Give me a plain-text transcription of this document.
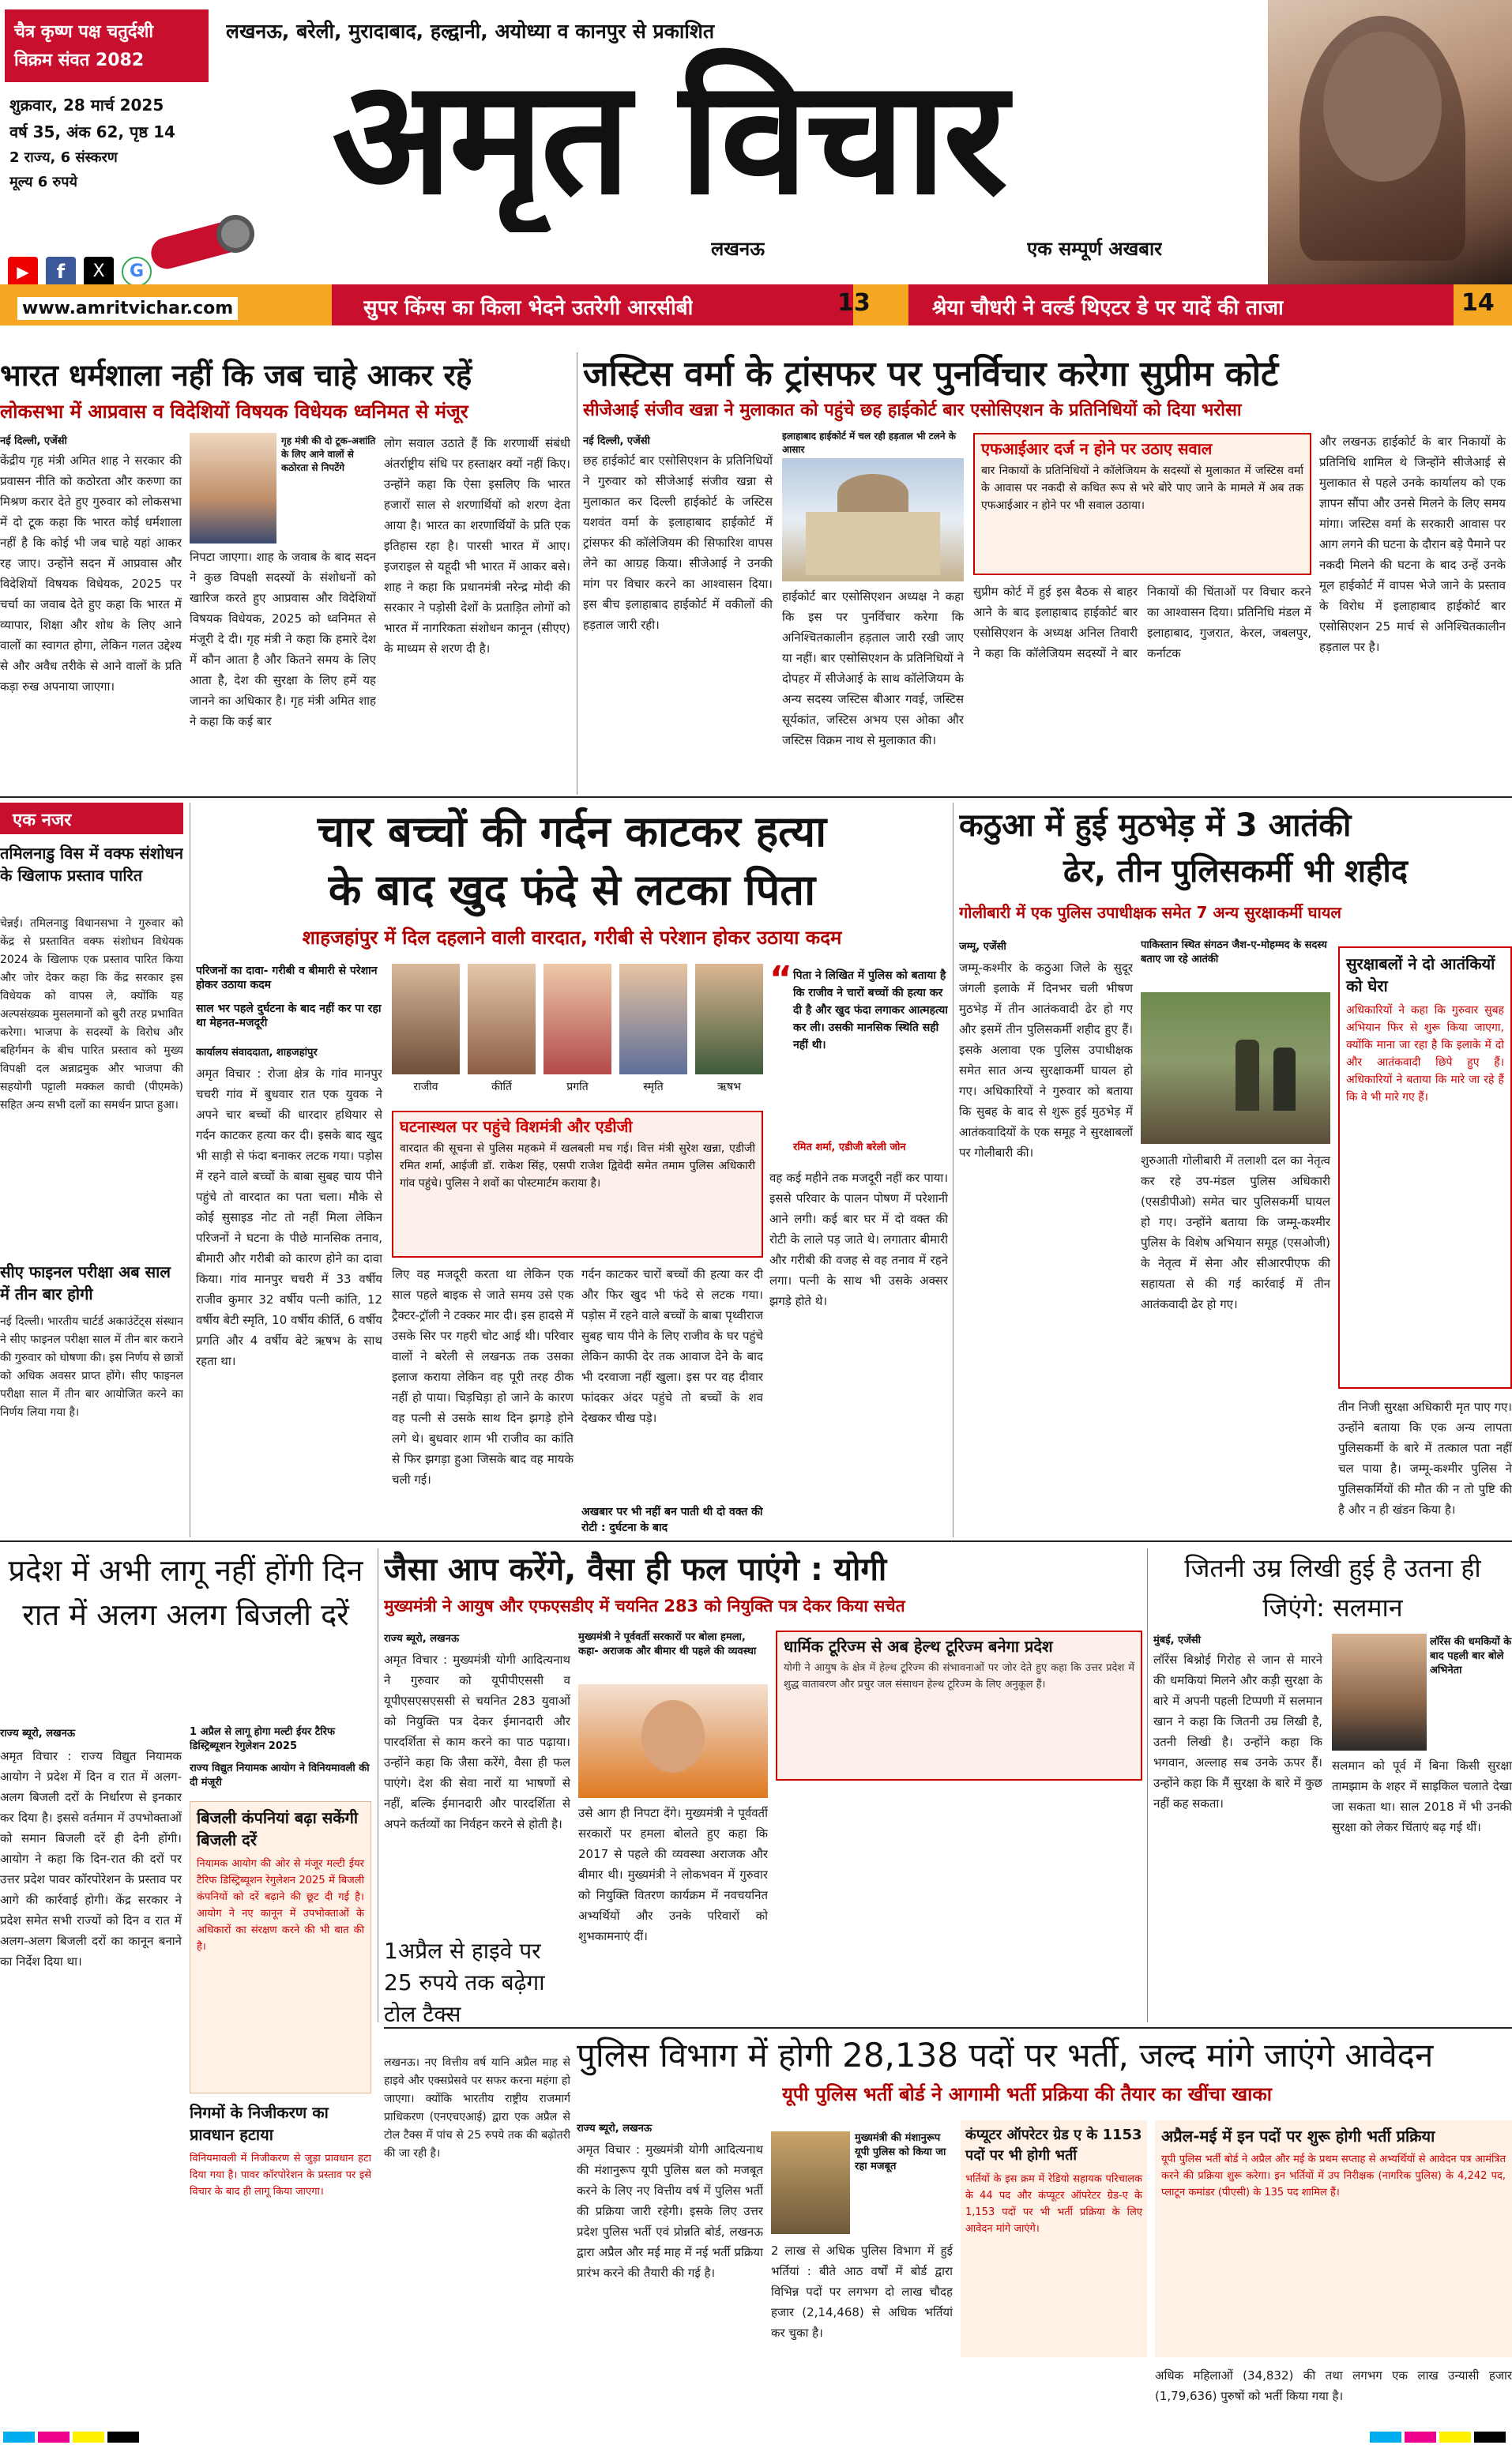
चैत्र कृष्ण पक्ष चतुर्दशी
विक्रम संवत 2082
लखनऊ, बरेली, मुरादाबाद, हल्द्वानी, अयोध्या व कानपुर से प्रकाशित
शुक्रवार, 28 मार्च 2025
वर्ष 35, अंक 62, पृष्ठ 14
2 राज्य, 6 संस्करण
मूल्य 6 रुपये
▶	f	X	G
अमृत विचार
लखनऊ	एक सम्पूर्ण अखबार
www.amritvichar.com	सुपर किंग्स का किला भेदने उतरेगी आरसीबी	13	श्रेया चौधरी ने वर्ल्ड थिएटर डे पर यादें की ताजा	14
भारत धर्मशाला नहीं कि जब चाहे आकर रहें
लोकसभा में आप्रवास व विदेशियों विषयक विधेयक ध्वनिमत से मंजूर
नई दिल्ली, एजेंसी
केंद्रीय गृह मंत्री अमित शाह ने सरकार की प्रवासन नीति को कठोरता और करुणा का मिश्रण करार देते हुए गुरुवार को लोकसभा में दो टूक कहा कि भारत कोई धर्मशाला नहीं है कि कोई भी जब चाहे यहां आकर रह जाए। उन्होंने सदन में आप्रवास और विदेशियों विषयक विधेयक, 2025 पर चर्चा का जवाब देते हुए कहा कि भारत में व्यापार, शिक्षा और शोध के लिए आने वालों का स्वागत होगा, लेकिन गलत उद्देश्य से और अवैध तरीके से आने वालों के प्रति कड़ा रुख अपनाया जाएगा।
गृह मंत्री की दो टूक-अशांति के लिए आने वालों से कठोरता से निपटेंगे
निपटा जाएगा। शाह के जवाब के बाद सदन ने कुछ विपक्षी सदस्यों के संशोधनों को खारिज करते हुए आप्रवास और विदेशियों विषयक विधेयक, 2025 को ध्वनिमत से मंजूरी दे दी। गृह मंत्री ने कहा कि हमारे देश में कौन आता है और कितने समय के लिए आता है, देश की सुरक्षा के लिए हमें यह जानने का अधिकार है। गृह मंत्री अमित शाह ने कहा कि कई बार
लोग सवाल उठाते हैं कि शरणार्थी संबंधी अंतर्राष्ट्रीय संधि पर हस्ताक्षर क्यों नहीं किए। उन्होंने कहा कि ऐसा इसलिए कि भारत हजारों साल से शरणार्थियों को शरण देता आया है। भारत का शरणार्थियों के प्रति एक इतिहास रहा है। पारसी भारत में आए। इजराइल से यहूदी भी भारत में आकर बसे। शाह ने कहा कि प्रधानमंत्री नरेन्द्र मोदी की सरकार ने पड़ोसी देशों के प्रताड़ित लोगों को भारत में नागरिकता संशोधन कानून (सीएए) के माध्यम से शरण दी है।
जस्टिस वर्मा के ट्रांसफर पर पुनर्विचार करेगा सुप्रीम कोर्ट
सीजेआई संजीव खन्ना ने मुलाकात को पहुंचे छह हाईकोर्ट बार एसोसिएशन के प्रतिनिधियों को दिया भरोसा
नई दिल्ली, एजेंसी
छह हाईकोर्ट बार एसोसिएशन के प्रतिनिधियों ने गुरुवार को सीजेआई संजीव खन्ना से मुलाकात कर दिल्ली हाईकोर्ट के जस्टिस यशवंत वर्मा के इलाहाबाद हाईकोर्ट में ट्रांसफर की कॉलेजियम की सिफारिश वापस लेने का आग्रह किया। सीजेआई ने उनकी मांग पर विचार करने का आश्वासन दिया। इस बीच इलाहाबाद हाईकोर्ट में वकीलों की हड़ताल जारी रही।
इलाहाबाद हाईकोर्ट में चल रही हड़ताल भी टलने के आसार
हाईकोर्ट बार एसोसिएशन अध्यक्ष ने कहा कि इस पर पुनर्विचार करेगा कि अनिश्चितकालीन हड़ताल जारी रखी जाए या नहीं। बार एसोसिएशन के प्रतिनिधियों ने दोपहर में सीजेआई के साथ कॉलेजियम के अन्य सदस्य जस्टिस बीआर गवई, जस्टिस सूर्यकांत, जस्टिस अभय एस ओका और जस्टिस विक्रम नाथ से मुलाकात की।
एफआईआर दर्ज न होने पर उठाए सवाल
बार निकायों के प्रतिनिधियों ने कॉलेजियम के सदस्यों से मुलाकात में जस्टिस वर्मा के आवास पर नकदी से कथित रूप से भरे बोरे पाए जाने के मामले में अब तक एफआईआर न होने पर भी सवाल उठाया।
सुप्रीम कोर्ट में हुई इस बैठक से बाहर आने के बाद इलाहाबाद हाईकोर्ट बार एसोसिएशन के अध्यक्ष अनिल तिवारी ने कहा कि कॉलेजियम सदस्यों ने बार निकायों की चिंताओं पर विचार करने का आश्वासन दिया। प्रतिनिधि मंडल में इलाहाबाद, गुजरात, केरल, जबलपुर, कर्नाटक
और लखनऊ हाईकोर्ट के बार निकायों के प्रतिनिधि शामिल थे जिन्होंने सीजेआई से मुलाकात से पहले उनके कार्यालय को एक ज्ञापन सौंपा और उनसे मिलने के लिए समय मांगा। जस्टिस वर्मा के सरकारी आवास पर आग लगने की घटना के दौरान बड़े पैमाने पर नकदी मिलने की घटना के बाद उन्हें उनके मूल हाईकोर्ट में वापस भेजे जाने के प्रस्ताव के विरोध में इलाहाबाद हाईकोर्ट बार एसोसिएशन 25 मार्च से अनिश्चितकालीन हड़ताल पर है।
एक नजर
तमिलनाडु विस में वक्फ संशोधन के खिलाफ प्रस्ताव पारित
चेन्नई। तमिलनाडु विधानसभा ने गुरुवार को केंद्र से प्रस्तावित वक्फ संशोधन विधेयक 2024 के खिलाफ एक प्रस्ताव पारित किया और जोर देकर कहा कि केंद्र सरकार इस विधेयक को वापस ले, क्योंकि यह अल्पसंख्यक मुसलमानों को बुरी तरह प्रभावित करेगा। भाजपा के सदस्यों के विरोध और बहिर्गमन के बीच पारित प्रस्ताव को मुख्य विपक्षी दल अन्नाद्रमुक और भाजपा की सहयोगी पट्टाली मक्कल काची (पीएमके) सहित अन्य सभी दलों का समर्थन प्राप्त हुआ।
सीए फाइनल परीक्षा अब साल में तीन बार होगी
नई दिल्ली। भारतीय चार्टर्ड अकाउंटेंट्स संस्थान ने सीए फाइनल परीक्षा साल में तीन बार कराने की गुरुवार को घोषणा की। इस निर्णय से छात्रों को अधिक अवसर प्राप्त होंगे। सीए फाइनल परीक्षा साल में तीन बार आयोजित करने का निर्णय लिया गया है।
चार बच्चों की गर्दन काटकर हत्या
के बाद खुद फंदे से लटका पिता
शाहजहांपुर में दिल दहलाने वाली वारदात, गरीबी से परेशान होकर उठाया कदम
परिजनों का दावा- गरीबी व बीमारी से परेशान होकर उठाया कदम
साल भर पहले दुर्घटना के बाद नहीं कर पा रहा था मेहनत-मजदूरी
कार्यालय संवाददाता, शाहजहांपुर
राजीव	कीर्ति	प्रगति	स्मृति	ऋषभ
अमृत विचार : रोजा क्षेत्र के गांव मानपुर चचरी गांव में बुधवार रात एक युवक ने अपने चार बच्चों की धारदार हथियार से गर्दन काटकर हत्या कर दी। इसके बाद खुद भी साड़ी से फंदा बनाकर लटक गया। पड़ोस में रहने वाले बच्चों के बाबा सुबह चाय पीने पहुंचे तो वारदात का पता चला। मौके से कोई सुसाइड नोट तो नहीं मिला लेकिन परिजनों ने घटना के पीछे मानसिक तनाव, बीमारी और गरीबी को कारण होने का दावा किया। गांव मानपुर चचरी में 33 वर्षीय राजीव कुमार 32 वर्षीय पत्नी कांति, 12 वर्षीय बेटी स्मृति, 10 वर्षीय कीर्ति, 6 वर्षीय प्रगति और 4 वर्षीय बेटे ऋषभ के साथ रहता था।
घटनास्थल पर पहुंचे विशमंत्री और एडीजी
वारदात की सूचना से पुलिस महकमे में खलबली मच गई। वित्त मंत्री सुरेश खन्ना, एडीजी रमित शर्मा, आईजी डॉ. राकेश सिंह, एसपी राजेश द्विवेदी समेत तमाम पुलिस अधिकारी गांव पहुंचे। पुलिस ने शवों का पोस्टमार्टम कराया है।
“ पिता ने लिखित में पुलिस को बताया है कि राजीव ने चारों बच्चों की हत्या कर दी है और खुद फंदा लगाकर आत्महत्या कर ली। उसकी मानसिक स्थिति सही नहीं थी।
रमित शर्मा, एडीजी बरेली जोन
लिए वह मजदूरी करता था लेकिन एक साल पहले बाइक से जाते समय उसे एक ट्रैक्टर-ट्रॉली ने टक्कर मार दी। इस हादसे में उसके सिर पर गहरी चोट आई थी। परिवार वालों ने बरेली से लखनऊ तक उसका इलाज कराया लेकिन वह पूरी तरह ठीक नहीं हो पाया। चिड़चिड़ा हो जाने के कारण वह पत्नी से उसके साथ दिन झगड़े होने लगे थे। बुधवार शाम भी राजीव का कांति से फिर झगड़ा हुआ जिसके बाद वह मायके चली गई।
गर्दन काटकर चारों बच्चों की हत्या कर दी और फिर खुद भी फंदे से लटक गया। पड़ोस में रहने वाले बच्चों के बाबा पृथ्वीराज सुबह चाय पीने के लिए राजीव के घर पहुंचे लेकिन काफी देर तक आवाज देने के बाद भी दरवाजा नहीं खुला। इस पर वह दीवार फांदकर अंदर पहुंचे तो बच्चों के शव देखकर चीख पड़े।
वह कई महीने तक मजदूरी नहीं कर पाया। इससे परिवार के पालन पोषण में परेशानी आने लगी। कई बार घर में दो वक्त की रोटी के लाले पड़ जाते थे। लगातार बीमारी और गरीबी की वजह से वह तनाव में रहने लगा। पत्नी के साथ भी उसके अक्सर झगड़े होते थे।
अखबार पर भी नहीं बन पाती थी दो वक्त की रोटी : दुर्घटना के बाद
कठुआ में हुई मुठभेड़ में 3 आतंकी
ढेर, तीन पुलिसकर्मी भी शहीद
गोलीबारी में एक पुलिस उपाधीक्षक समेत 7 अन्य सुरक्षाकर्मी घायल
जम्मू, एजेंसी
जम्मू-कश्मीर के कठुआ जिले के सुदूर जंगली इलाके में दिनभर चली भीषण मुठभेड़ में तीन आतंकवादी ढेर हो गए और इसमें तीन पुलिसकर्मी शहीद हुए हैं। इसके अलावा एक पुलिस उपाधीक्षक समेत सात अन्य सुरक्षाकर्मी घायल हो गए। अधिकारियों ने गुरुवार को बताया कि सुबह के बाद से शुरू हुई मुठभेड़ में आतंकवादियों के एक समूह ने सुरक्षाबलों पर गोलीबारी की।
पाकिस्तान स्थित संगठन जैश-ए-मोहम्मद के सदस्य बताए जा रहे आतंकी
शुरुआती गोलीबारी में तलाशी दल का नेतृत्व कर रहे उप-मंडल पुलिस अधिकारी (एसडीपीओ) समेत चार पुलिसकर्मी घायल हो गए। उन्होंने बताया कि जम्मू-कश्मीर पुलिस के विशेष अभियान समूह (एसओजी) के नेतृत्व में सेना और सीआरपीएफ की सहायता से की गई कार्रवाई में तीन आतंकवादी ढेर हो गए।
सुरक्षाबलों ने दो आतंकियों को घेरा
अधिकारियों ने कहा कि गुरुवार सुबह अभियान फिर से शुरू किया जाएगा, क्योंकि माना जा रहा है कि इलाके में दो और आतंकवादी छिपे हुए हैं। अधिकारियों ने बताया कि मारे जा रहे हैं कि वे भी मारे गए हैं।
तीन निजी सुरक्षा अधिकारी मृत पाए गए। उन्होंने बताया कि एक अन्य लापता पुलिसकर्मी के बारे में तत्काल पता नहीं चल पाया है। जम्मू-कश्मीर पुलिस ने पुलिसकर्मियों की मौत की न तो पुष्टि की है और न ही खंडन किया है।
प्रदेश में अभी लागू नहीं होंगी दिन रात में अलग अलग बिजली दरें
राज्य ब्यूरो, लखनऊ
अमृत विचार : राज्य विद्युत नियामक आयोग ने प्रदेश में दिन व रात में अलग-अलग बिजली दरों के निर्धारण से इनकार कर दिया है। इससे वर्तमान में उपभोक्ताओं को समान बिजली दरें ही देनी होंगी। आयोग ने कहा कि दिन-रात की दरों पर उत्तर प्रदेश पावर कॉरपोरेशन के प्रस्ताव पर आगे की कार्रवाई होगी। केंद्र सरकार ने प्रदेश समेत सभी राज्यों को दिन व रात में अलग-अलग बिजली दरों का कानून बनाने का निर्देश दिया था।
1 अप्रैल से लागू होगा मल्टी ईयर टैरिफ डिस्ट्रिब्यूशन रेगुलेशन 2025
राज्य विद्युत नियामक आयोग ने विनियमावली की दी मंजूरी
बिजली कंपनियां बढ़ा सकेंगी बिजली दरें
नियामक आयोग की ओर से मंजूर मल्टी ईयर टैरिफ डिस्ट्रिब्यूशन रेगुलेशन 2025 में बिजली कंपनियों को दरें बढ़ाने की छूट दी गई है। आयोग ने नए कानून में उपभोक्ताओं के अधिकारों का संरक्षण करने की भी बात की है।
निगमों के निजीकरण का प्रावधान हटाया
विनियमावली में निजीकरण से जुड़ा प्रावधान हटा दिया गया है। पावर कॉरपोरेशन के प्रस्ताव पर इसे विचार के बाद ही लागू किया जाएगा।
जैसा आप करेंगे, वैसा ही फल पाएंगे : योगी
मुख्यमंत्री ने आयुष और एफएसडीए में चयनित 283 को नियुक्ति पत्र देकर किया सचेत
राज्य ब्यूरो, लखनऊ
अमृत विचार : मुख्यमंत्री योगी आदित्यनाथ ने गुरुवार को यूपीपीएससी व यूपीएसएसएससी से चयनित 283 युवाओं को नियुक्ति पत्र देकर ईमानदारी और पारदर्शिता से काम करने का पाठ पढ़ाया। उन्होंने कहा कि जैसा करेंगे, वैसा ही फल पाएंगे। देश की सेवा नारों या भाषणों से नहीं, बल्कि ईमानदारी और पारदर्शिता से अपने कर्तव्यों का निर्वहन करने से होती है।
मुख्यमंत्री ने पूर्ववर्ती सरकारों पर बोला हमला, कहा- अराजक और बीमार थी पहले की व्यवस्था
उसे आग ही निपटा देंगे। मुख्यमंत्री ने पूर्ववर्ती सरकारों पर हमला बोलते हुए कहा कि 2017 से पहले की व्यवस्था अराजक और बीमार थी। मुख्यमंत्री ने लोकभवन में गुरुवार को नियुक्ति वितरण कार्यक्रम में नवचयनित अभ्यर्थियों और उनके परिवारों को शुभकामनाएं दीं।
धार्मिक टूरिज्म से अब हेल्थ टूरिज्म बनेगा प्रदेश
योगी ने आयुष के क्षेत्र में हेल्थ टूरिज्म की संभावनाओं पर जोर देते हुए कहा कि उत्तर प्रदेश में शुद्ध वातावरण और प्रचुर जल संसाधन हेल्थ टूरिज्म के लिए अनुकूल हैं।
1अप्रैल से हाइवे पर 25 रुपये तक बढ़ेगा टोल टैक्स
लखनऊ। नए वित्तीय वर्ष यानि अप्रैल माह से हाइवे और एक्सप्रेसवे पर सफर करना महंगा हो जाएगा। क्योंकि भारतीय राष्ट्रीय राजमार्ग प्राधिकरण (एनएचएआई) द्वारा एक अप्रैल से टोल टैक्स में पांच से 25 रुपये तक की बढ़ोतरी की जा रही है।
जितनी उम्र लिखी हुई है उतना ही जिएंगे: सलमान
मुंबई, एजेंसी	लॉरेंस की धमकियों के बाद पहली बार बोले अभिनेता
लॉरेंस बिश्नोई गिरोह से जान से मारने की धमकियां मिलने और कड़ी सुरक्षा के बारे में अपनी पहली टिप्पणी में सलमान खान ने कहा कि जितनी उम्र लिखी है, उतनी लिखी है। उन्होंने कहा कि भगवान, अल्लाह सब उनके ऊपर हैं। उन्होंने कहा कि मैं सुरक्षा के बारे में कुछ नहीं कह सकता।
सलमान को पूर्व में बिना किसी सुरक्षा तामझाम के शहर में साइकिल चलाते देखा जा सकता था। साल 2018 में भी उनकी सुरक्षा को लेकर चिंताएं बढ़ गई थीं।
पुलिस विभाग में होगी 28,138 पदों पर भर्ती, जल्द मांगे जाएंगे आवेदन
यूपी पुलिस भर्ती बोर्ड ने आगामी भर्ती प्रक्रिया की तैयार का खींचा खाका
राज्य ब्यूरो, लखनऊ
अमृत विचार : मुख्यमंत्री योगी आदित्यनाथ की मंशानुरूप यूपी पुलिस बल को मजबूत करने के लिए नए वित्तीय वर्ष में पुलिस भर्ती की प्रक्रिया जारी रहेगी। इसके लिए उत्तर प्रदेश पुलिस भर्ती एवं प्रोन्नति बोर्ड, लखनऊ द्वारा अप्रैल और मई माह में नई भर्ती प्रक्रिया प्रारंभ करने की तैयारी की गई है।
मुख्यमंत्री की मंशानुरूप यूपी पुलिस को किया जा रहा मजबूत
2 लाख से अधिक पुलिस विभाग में हुई भर्तियां : बीते आठ वर्षों में बोर्ड द्वारा विभिन्न पदों पर लगभग दो लाख चौदह हजार (2,14,468) से अधिक भर्तियां कर चुका है।
कंप्यूटर ऑपरेटर ग्रेड ए के 1153 पदों पर भी होगी भर्ती
भर्तियों के इस क्रम में रेडियो सहायक परिचालक के 44 पद और कंप्यूटर ऑपरेटर ग्रेड-ए के 1,153 पदों पर भी भर्ती प्रक्रिया के लिए आवेदन मांगे जाएंगे।
अप्रैल-मई में इन पदों पर शुरू होगी भर्ती प्रक्रिया
यूपी पुलिस भर्ती बोर्ड ने अप्रैल और मई के प्रथम सप्ताह से अभ्यर्थियों से आवेदन पत्र आमंत्रित करने की प्रक्रिया शुरू करेगा। इन भर्तियों में उप निरीक्षक (नागरिक पुलिस) के 4,242 पद, प्लाटून कमांडर (पीएसी) के 135 पद शामिल हैं।
अधिक महिलाओं (34,832) की तथा लगभग एक लाख उन्यासी हजार (1,79,636) पुरुषों को भर्ती किया गया है।
